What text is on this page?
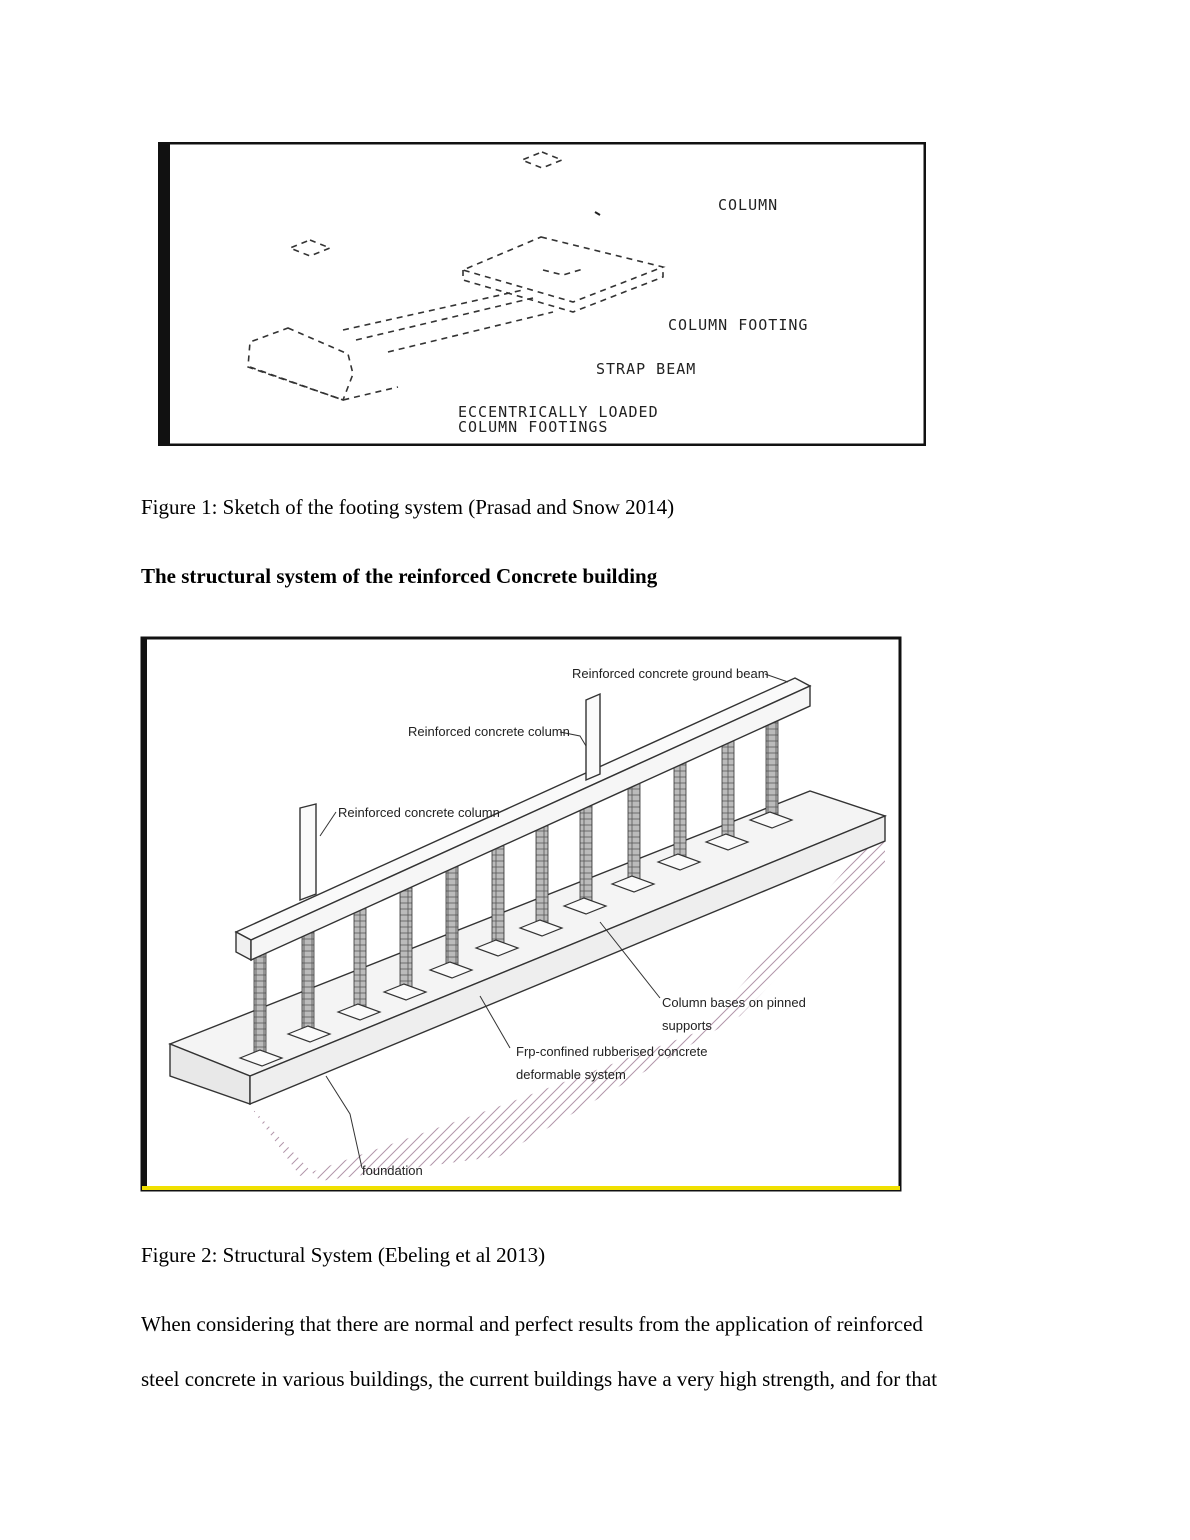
COLUMN
COLUMN FOOTING
STRAP BEAM
ECCENTRICALLY LOADED
COLUMN FOOTINGS
Figure 1: Sketch of the footing system (Prasad and Snow 2014)
The structural system of the reinforced Concrete building
Reinforced concrete ground beam
Reinforced concrete column
Reinforced concrete column
Column bases on pinned
supports
Frp-confined rubberised concrete
deformable system
foundation
Figure 2: Structural System (Ebeling et al 2013)
When considering that there are normal and perfect results from the application of reinforced
steel concrete in various buildings, the current buildings have a very high strength, and for that
